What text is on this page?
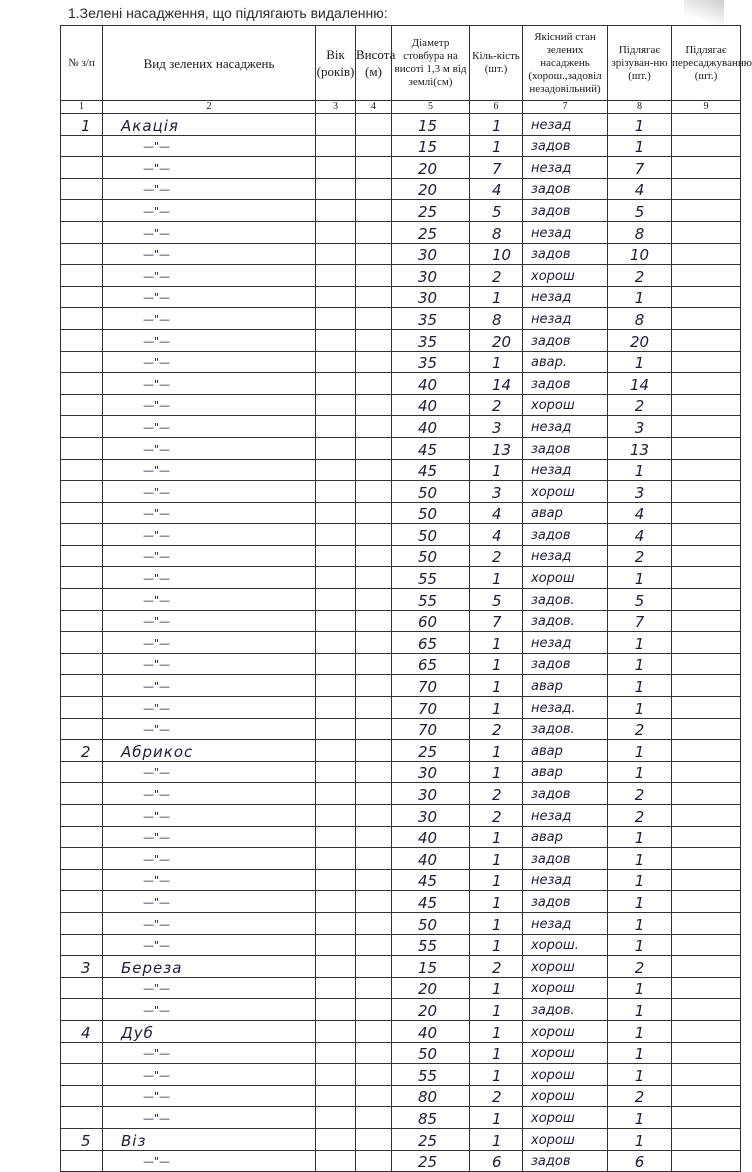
1.Зелені насадження, що підлягають видаленню:
№ з/п	Вид зелених насаджень	Вік (років)	Висота (м)	Діаметр стовбура на висоті 1,3 м від землі(см)	Кіль-кість (шт.)	Якісний стан зелених насаджень (хорош.,задовіл незадовільний)	Підлягає зрізуван-ню (шт.)	Підлягає пересаджуванню (шт.)
1	2	3	4	5	6	7	8	9
1	Акація			15	1	незад	1	
	—"—			15	1	задов	1	
	—"—			20	7	незад	7	
	—"—			20	4	задов	4	
	—"—			25	5	задов	5	
	—"—			25	8	незад	8	
	—"—			30	10	задов	10	
	—"—			30	2	хорош	2	
	—"—			30	1	незад	1	
	—"—			35	8	незад	8	
	—"—			35	20	задов	20	
	—"—			35	1	авар.	1	
	—"—			40	14	задов	14	
	—"—			40	2	хорош	2	
	—"—			40	3	незад	3	
	—"—			45	13	задов	13	
	—"—			45	1	незад	1	
	—"—			50	3	хорош	3	
	—"—			50	4	авар	4	
	—"—			50	4	задов	4	
	—"—			50	2	незад	2	
	—"—			55	1	хорош	1	
	—"—			55	5	задов.	5	
	—"—			60	7	задов.	7	
	—"—			65	1	незад	1	
	—"—			65	1	задов	1	
	—"—			70	1	авар	1	
	—"—			70	1	незад.	1	
	—"—			70	2	задов.	2	
2	Абрикос			25	1	авар	1	
	—"—			30	1	авар	1	
	—"—			30	2	задов	2	
	—"—			30	2	незад	2	
	—"—			40	1	авар	1	
	—"—			40	1	задов	1	
	—"—			45	1	незад	1	
	—"—			45	1	задов	1	
	—"—			50	1	незад	1	
	—"—			55	1	хорош.	1	
3	Береза			15	2	хорош	2	
	—"—			20	1	хорош	1	
	—"—			20	1	задов.	1	
4	Дуб			40	1	хорош	1	
	—"—			50	1	хорош	1	
	—"—			55	1	хорош	1	
	—"—			80	2	хорош	2	
	—"—			85	1	хорош	1	
5	Віз			25	1	хорош	1	
	—"—			25	6	задов	6	
